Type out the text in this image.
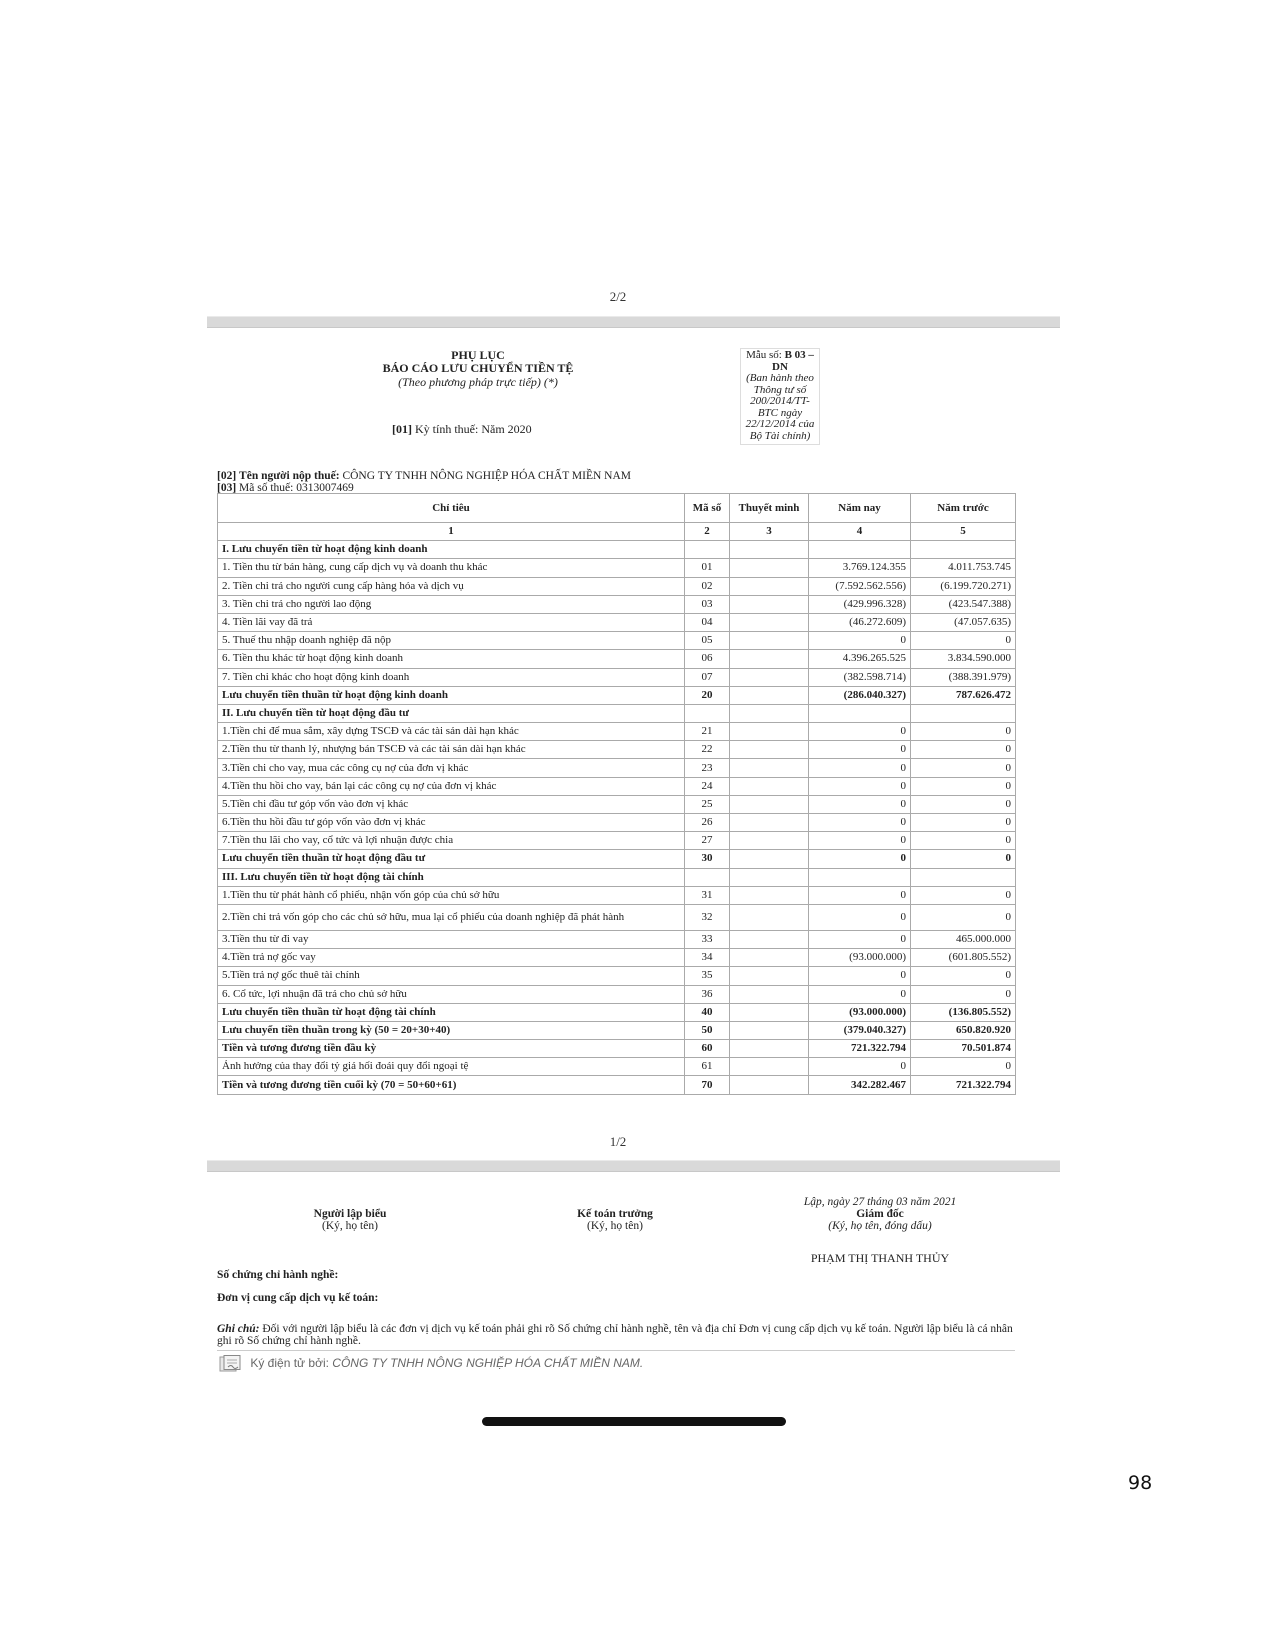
2/2
PHỤ LỤC
BÁO CÁO LƯU CHUYỂN TIỀN TỆ
(Theo phương pháp trực tiếp) (*)
[01] Kỳ tính thuế: Năm 2020
Mẫu số: B 03 – DN
(Ban hành theo Thông tư số 200/2014/TT-BTC ngày 22/12/2014 của Bộ Tài chính)
[02] Tên người nộp thuế: CÔNG TY TNHH NÔNG NGHIỆP HÓA CHẤT MIỀN NAM
[03] Mã số thuế: 0313007469
Chỉ tiêu	Mã số	Thuyết minh	Năm nay	Năm trước
1	2	3	4	5
I. Lưu chuyển tiền từ hoạt động kinh doanh				
1. Tiền thu từ bán hàng, cung cấp dịch vụ và doanh thu khác	01		3.769.124.355	4.011.753.745
2. Tiền chi trả cho người cung cấp hàng hóa và dịch vụ	02		(7.592.562.556)	(6.199.720.271)
3. Tiền chi trả cho người lao động	03		(429.996.328)	(423.547.388)
4. Tiền lãi vay đã trả	04		(46.272.609)	(47.057.635)
5. Thuế thu nhập doanh nghiệp đã nộp	05		0	0
6. Tiền thu khác từ hoạt động kinh doanh	06		4.396.265.525	3.834.590.000
7. Tiền chi khác cho hoạt động kinh doanh	07		(382.598.714)	(388.391.979)
Lưu chuyển tiền thuần từ hoạt động kinh doanh	20		(286.040.327)	787.626.472
II. Lưu chuyển tiền từ hoạt động đầu tư				
1.Tiền chi để mua sắm, xây dựng TSCĐ và các tài sản dài hạn khác	21		0	0
2.Tiền thu từ thanh lý, nhượng bán TSCĐ và các tài sản dài hạn khác	22		0	0
3.Tiền chi cho vay, mua các công cụ nợ của đơn vị khác	23		0	0
4.Tiền thu hồi cho vay, bán lại các công cụ nợ của đơn vị khác	24		0	0
5.Tiền chi đầu tư góp vốn vào đơn vị khác	25		0	0
6.Tiền thu hồi đầu tư góp vốn vào đơn vị khác	26		0	0
7.Tiền thu lãi cho vay, cổ tức và lợi nhuận được chia	27		0	0
Lưu chuyển tiền thuần từ hoạt động đầu tư	30		0	0
III. Lưu chuyển tiền từ hoạt động tài chính				
1.Tiền thu từ phát hành cổ phiếu, nhận vốn góp của chủ sở hữu	31		0	0
2.Tiền chi trả vốn góp cho các chủ sở hữu, mua lại cổ phiếu của doanh nghiệp đã phát hành	32		0	0
3.Tiền thu từ đi vay	33		0	465.000.000
4.Tiền trả nợ gốc vay	34		(93.000.000)	(601.805.552)
5.Tiền trả nợ gốc thuê tài chính	35		0	0
6. Cổ tức, lợi nhuận đã trả cho chủ sở hữu	36		0	0
Lưu chuyển tiền thuần từ hoạt động tài chính	40		(93.000.000)	(136.805.552)
Lưu chuyển tiền thuần trong kỳ (50 = 20+30+40)	50		(379.040.327)	650.820.920
Tiền và tương đương tiền đầu kỳ	60		721.322.794	70.501.874
Ảnh hưởng của thay đổi tỷ giá hối đoái quy đổi ngoại tệ	61		0	0
Tiền và tương đương tiền cuối kỳ (70 = 50+60+61)	70		342.282.467	721.322.794
1/2
Người lập biểu
(Ký, họ tên)
Kế toán trưởng
(Ký, họ tên)
Lập, ngày 27 tháng 03 năm 2021
Giám đốc
(Ký, họ tên, đóng dấu)
PHẠM THỊ THANH THỦY
Số chứng chỉ hành nghề:
Đơn vị cung cấp dịch vụ kế toán:
Ghi chú: Đối với người lập biểu là các đơn vị dịch vụ kế toán phải ghi rõ Số chứng chỉ hành nghề, tên và địa chỉ Đơn vị cung cấp dịch vụ kế toán. Người lập biểu là cá nhân ghi rõ Số chứng chỉ hành nghề.
Ký điện tử bởi: CÔNG TY TNHH NÔNG NGHIỆP HÓA CHẤT MIỀN NAM.
98
